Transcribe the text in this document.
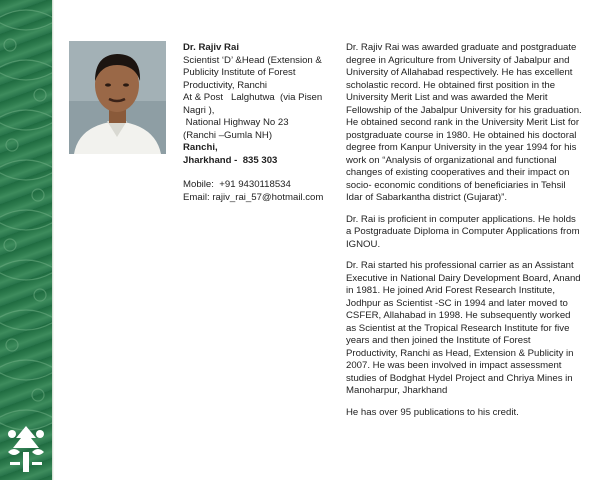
Dr. Rajiv Rai
Scientist ‘D’ &Head (Extension &
Publicity Institute of Forest
Productivity, Ranchi
At & Post   Lalghutwa  (via Pisen
Nagri ),
National Highway No 23
(Ranchi –Gumla NH)
Ranchi,
Jharkhand -  835 303
Mobile:  +91 9430118534
Email: rajiv_rai_57@hotmail.com

Dr. Rajiv Rai was awarded graduate and postgraduate degree in Agriculture from University of Jabalpur and University of Allahabad respectively. He has excellent scholastic record. He obtained first position in the University Merit List and was awarded the Merit Fellowship of the Jabalpur University for his graduation. He obtained second rank in the University Merit List for postgraduate course in 1980. He obtained his doctoral degree from Kanpur University in the year 1994 for his work on “Analysis of organizational and functional changes of existing cooperatives and their impact on socio- economic conditions of beneficiaries in Tehsil Idar of Sabarkantha district (Gujarat)”.

Dr. Rai is proficient in computer applications. He holds a Postgraduate Diploma in Computer Applications from IGNOU.

Dr. Rai started his professional carrier as an Assistant Executive in National Dairy Development Board, Anand in 1981. He joined Arid Forest Research Institute, Jodhpur as Scientist -SC in 1994 and later moved to CSFER, Allahabad in 1998. He subsequently worked as Scientist at the Tropical Research Institute for five years and then joined the Institute of Forest Productivity, Ranchi as Head, Extension & Publicity in 2007. He was been involved in impact assessment studies of Bodghat Hydel Project and Chriya Mines in Manoharpur, Jharkhand

He has over 95 publications to his credit.
